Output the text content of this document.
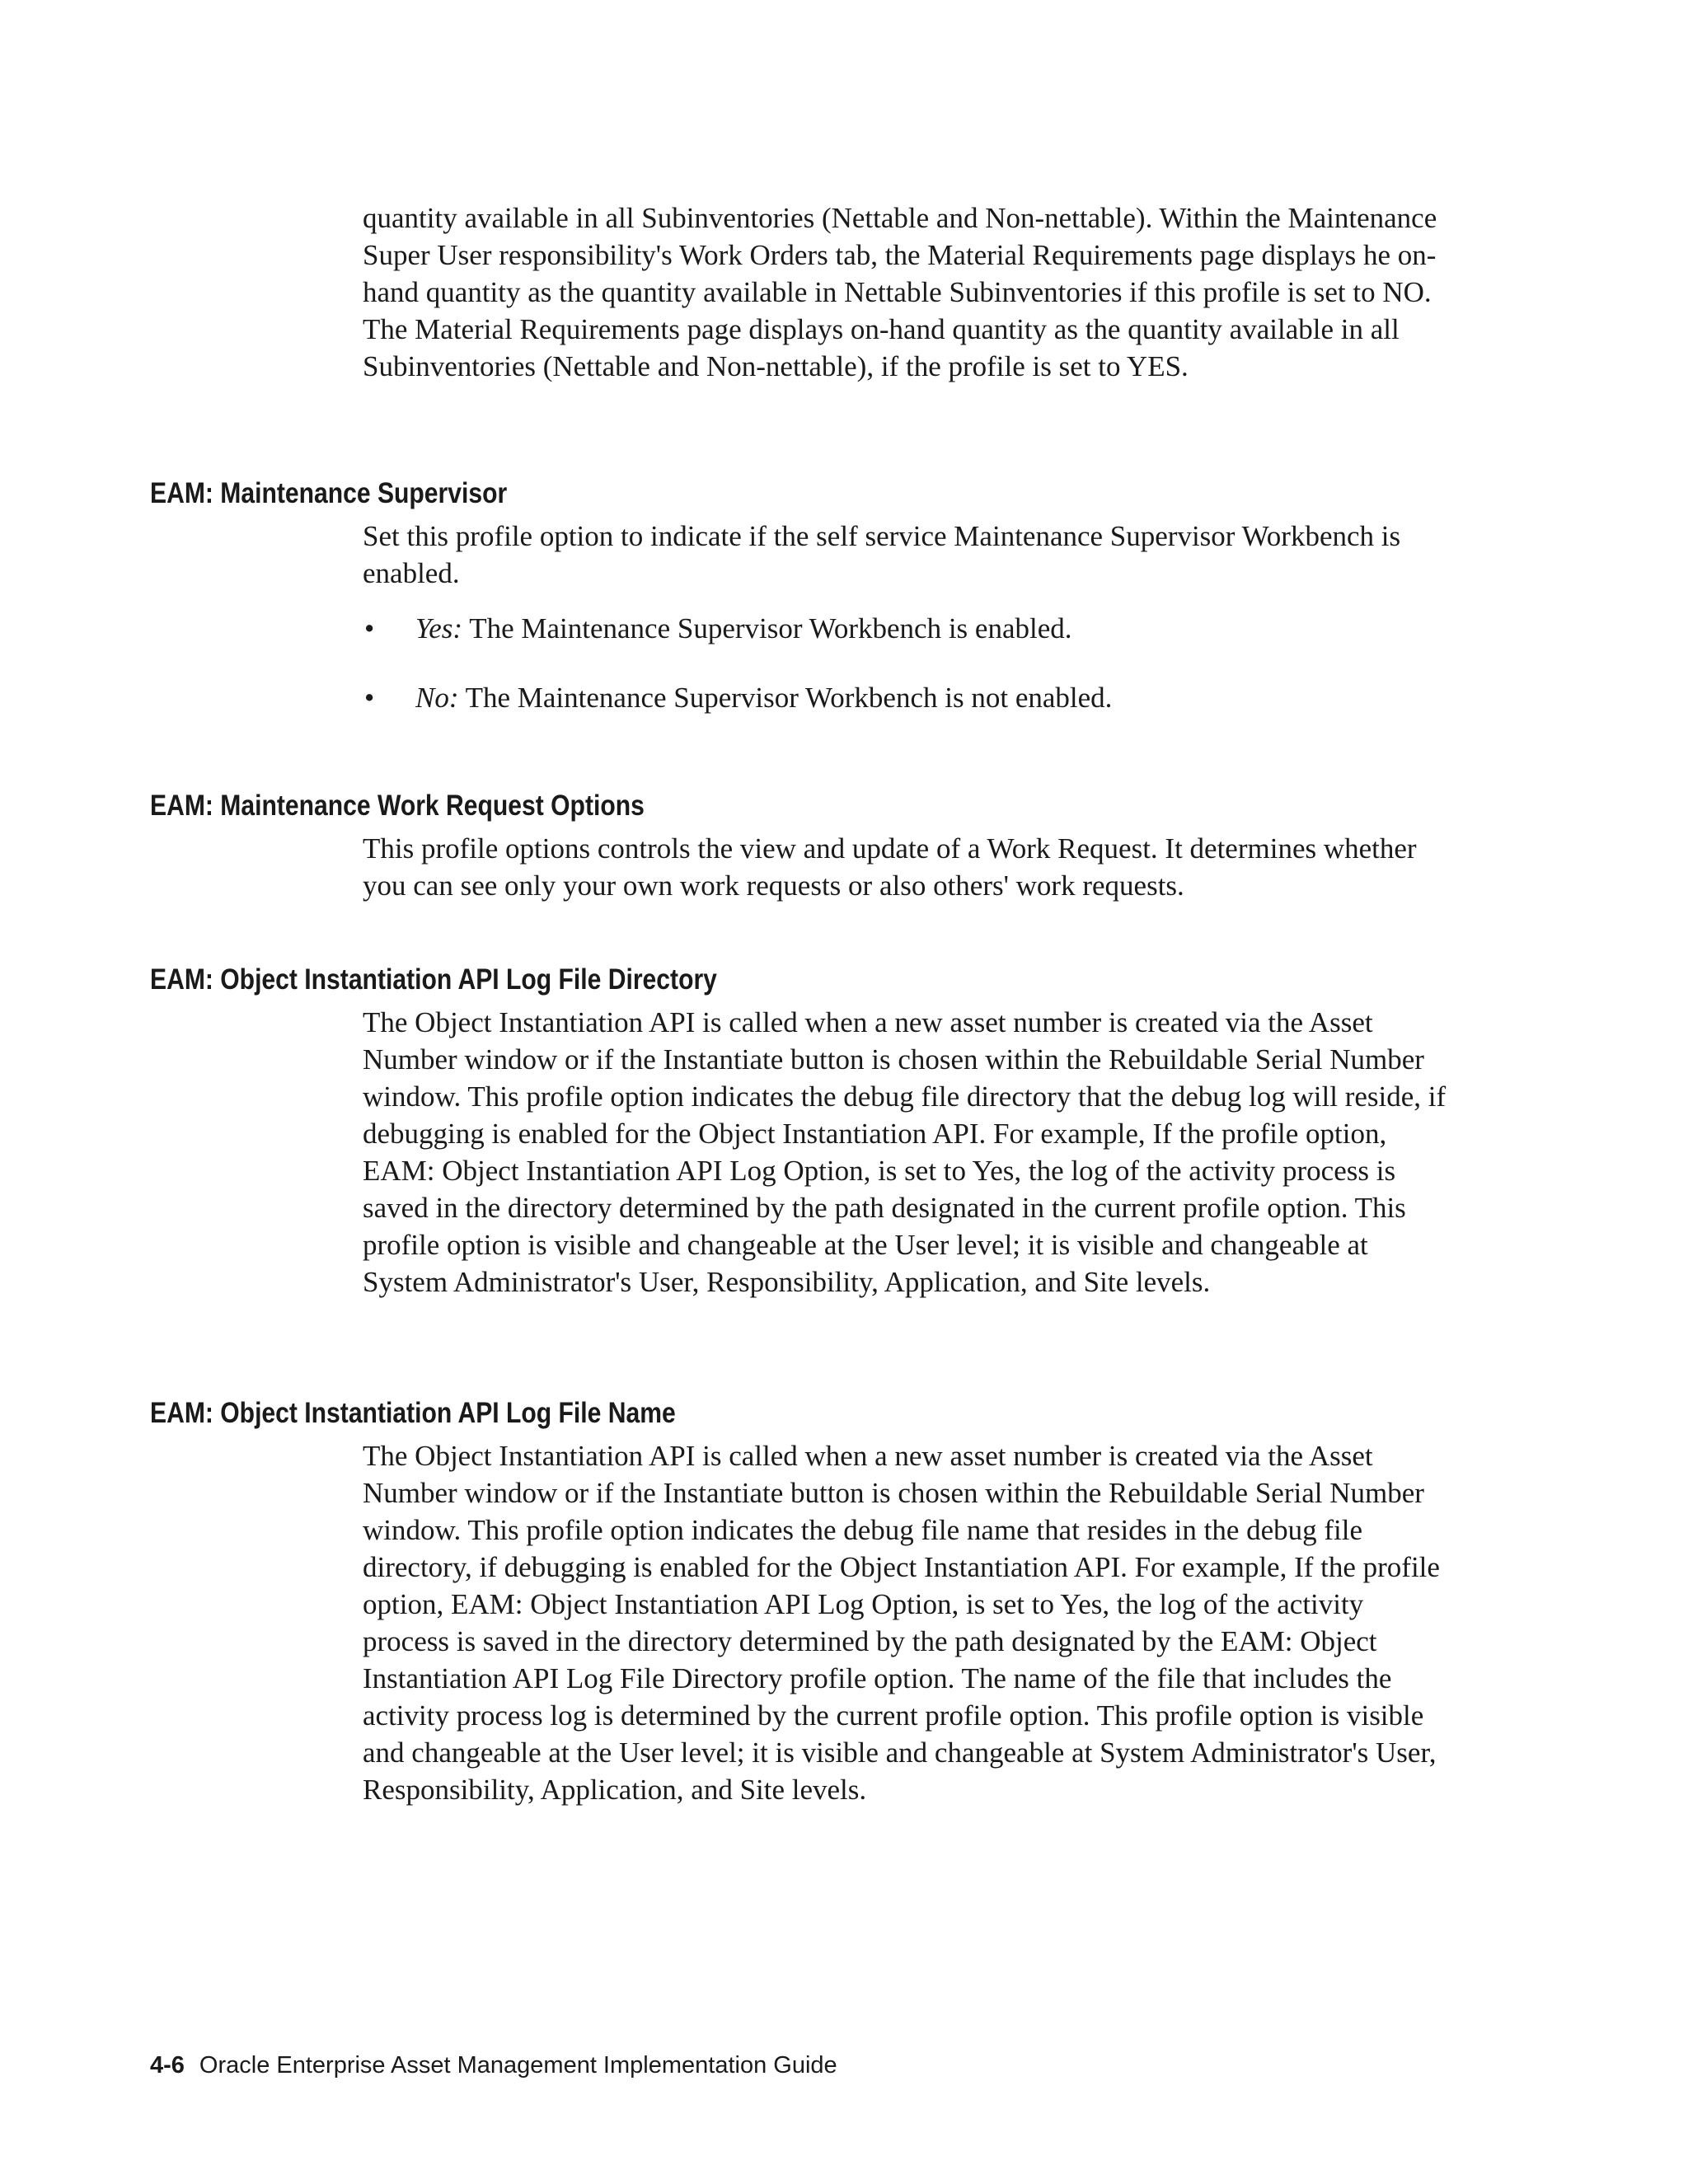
quantity available in all Subinventories (Nettable and Non-nettable). Within the Maintenance Super User responsibility's Work Orders tab, the Material Requirements page displays he on-hand quantity as the quantity available in Nettable Subinventories if this profile is set to NO. The Material Requirements page displays on-hand quantity as the quantity available in all Subinventories (Nettable and Non-nettable), if the profile is set to YES.

EAM: Maintenance Supervisor

Set this profile option to indicate if the self service Maintenance Supervisor Workbench is enabled.

• Yes: The Maintenance Supervisor Workbench is enabled.
• No: The Maintenance Supervisor Workbench is not enabled.
EAM: Maintenance Work Request Options

This profile options controls the view and update of a Work Request. It determines whether you can see only your own work requests or also others' work requests.

EAM: Object Instantiation API Log File Directory

The Object Instantiation API is called when a new asset number is created via the Asset Number window or if the Instantiate button is chosen within the Rebuildable Serial Number window. This profile option indicates the debug file directory that the debug log will reside, if debugging is enabled for the Object Instantiation API. For example, If the profile option, EAM: Object Instantiation API Log Option, is set to Yes, the log of the activity process is saved in the directory determined by the path designated in the current profile option. This profile option is visible and changeable at the User level; it is visible and changeable at System Administrator's User, Responsibility, Application, and Site levels.

EAM: Object Instantiation API Log File Name

The Object Instantiation API is called when a new asset number is created via the Asset Number window or if the Instantiate button is chosen within the Rebuildable Serial Number window. This profile option indicates the debug file name that resides in the debug file directory, if debugging is enabled for the Object Instantiation API. For example, If the profile option, EAM: Object Instantiation API Log Option, is set to Yes, the log of the activity process is saved in the directory determined by the path designated by the EAM: Object Instantiation API Log File Directory profile option. The name of the file that includes the activity process log is determined by the current profile option. This profile option is visible and changeable at the User level; it is visible and changeable at System Administrator's User, Responsibility, Application, and Site levels.

4-6 Oracle Enterprise Asset Management Implementation Guide
